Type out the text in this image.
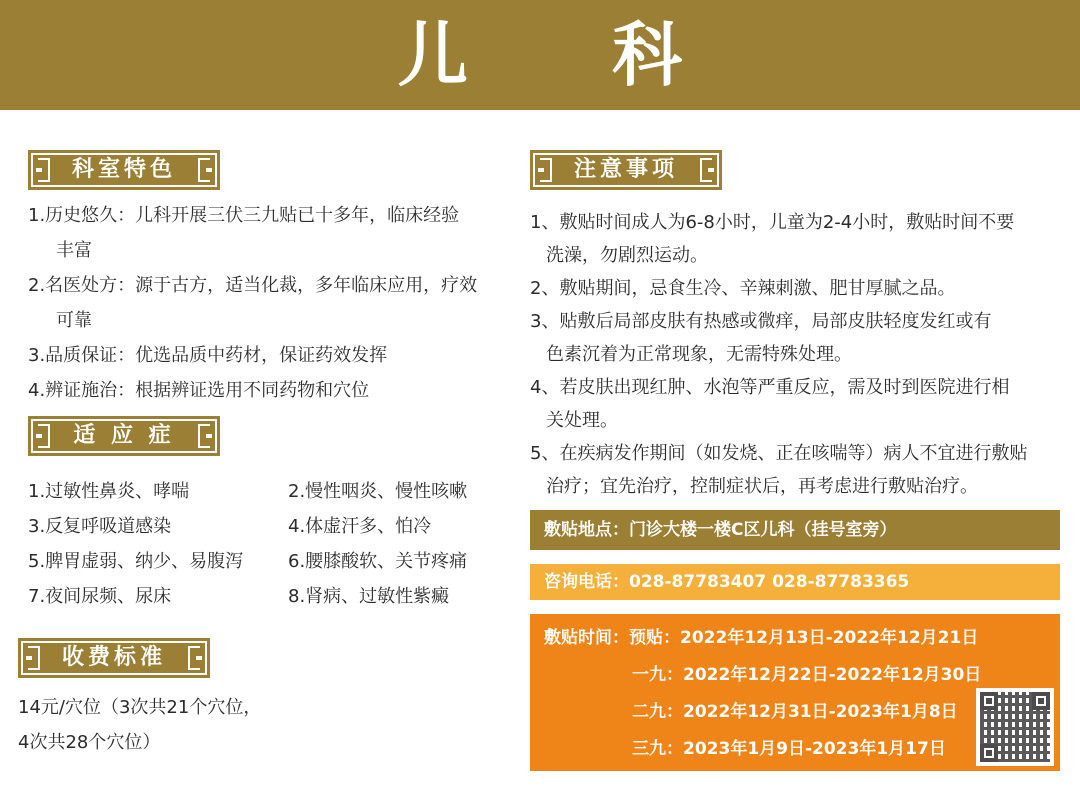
儿 科
科室特色
1.历史悠久：儿科开展三伏三九贴已十多年，临床经验
丰富
2.名医处方：源于古方，适当化裁，多年临床应用，疗效
可靠
3.品质保证：优选品质中药材，保证药效发挥
4.辨证施治：根据辨证选用不同药物和穴位
适 应 症
1.过敏性鼻炎、哮喘
3.反复呼吸道感染
5.脾胃虚弱、纳少、易腹泻
7.夜间尿频、尿床
2.慢性咽炎、慢性咳嗽
4.体虚汗多、怕冷
6.腰膝酸软、关节疼痛
8.肾病、过敏性紫癜
收费标准
14元/穴位（3次共21个穴位，
4次共28个穴位）
注意事项
1、敷贴时间成人为6-8小时，儿童为2-4小时，敷贴时间不要
洗澡，勿剧烈运动。
2、敷贴期间，忌食生冷、辛辣刺激、肥甘厚腻之品。
3、贴敷后局部皮肤有热感或微痒，局部皮肤轻度发红或有
色素沉着为正常现象，无需特殊处理。
4、若皮肤出现红肿、水泡等严重反应，需及时到医院进行相
关处理。
5、在疾病发作期间（如发烧、正在咳喘等）病人不宜进行敷贴
治疗；宜先治疗，控制症状后，再考虑进行敷贴治疗。
敷贴地点：门诊大楼一楼C区儿科（挂号室旁）
咨询电话：028-87783407 028-87783365
敷贴时间：预贴：2022年12月13日-2022年12月21日
一九：2022年12月22日-2022年12月30日
二九：2022年12月31日-2023年1月8日
三九：2023年1月9日-2023年1月17日
